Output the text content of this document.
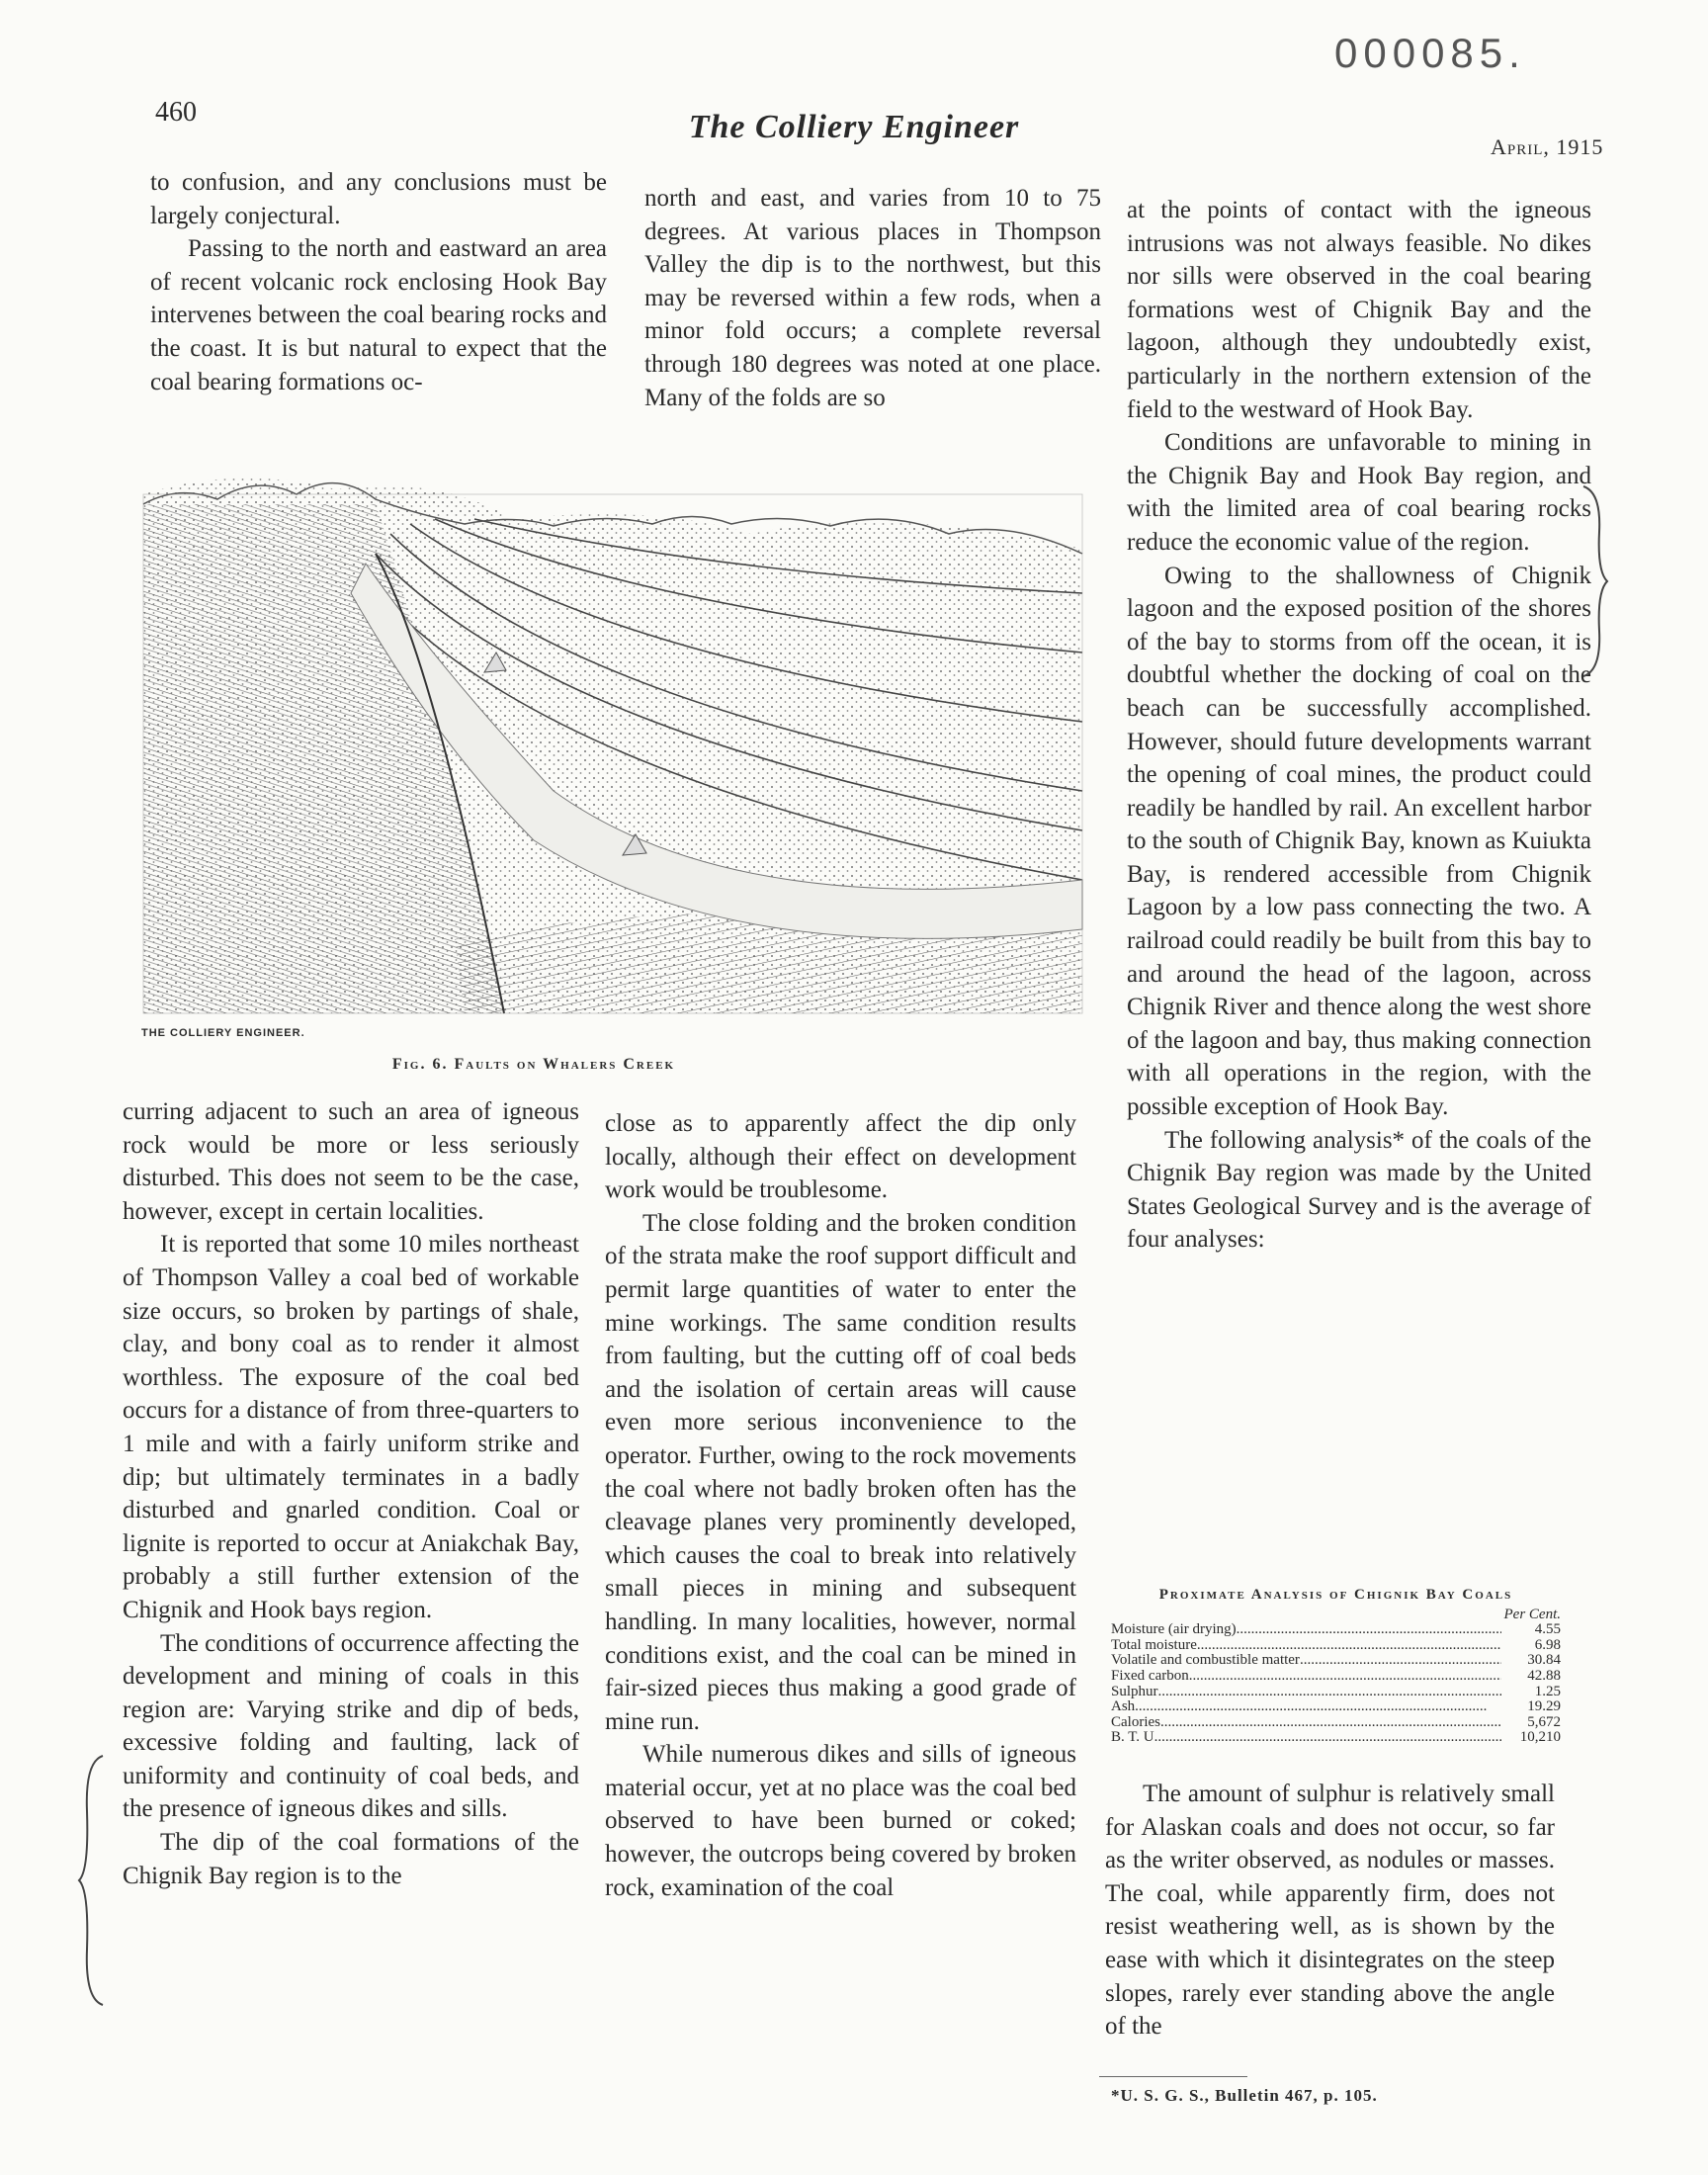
000085.
460	The Colliery Engineer
April, 1915

to confusion, and any conclusions must be largely conjectural.

Passing to the north and eastward an area of recent volcanic rock enclosing Hook Bay intervenes between the coal bearing rocks and the coast. It is but natural to expect that the coal bearing formations oc-

north and east, and varies from 10 to 75 degrees. At various places in Thompson Valley the dip is to the northwest, but this may be reversed within a few rods, when a minor fold occurs; a complete reversal through 180 degrees was noted at one place. Many of the folds are so

THE COLLIERY ENGINEER.
Fig. 6. Faults on Whalers Creek

curring adjacent to such an area of igneous rock would be more or less seriously disturbed. This does not seem to be the case, however, except in certain localities.

It is reported that some 10 miles northeast of Thompson Valley a coal bed of workable size occurs, so broken by partings of shale, clay, and bony coal as to render it almost worthless. The exposure of the coal bed occurs for a distance of from three-quarters to 1 mile and with a fairly uniform strike and dip; but ultimately terminates in a badly disturbed and gnarled condition. Coal or lignite is reported to occur at Aniakchak Bay, probably a still further extension of the Chignik and Hook bays region.

The conditions of occurrence affecting the development and mining of coals in this region are: Varying strike and dip of beds, excessive folding and faulting, lack of uniformity and continuity of coal beds, and the presence of igneous dikes and sills.

The dip of the coal formations of the Chignik Bay region is to the

close as to apparently affect the dip only locally, although their effect on development work would be troublesome.

The close folding and the broken condition of the strata make the roof support difficult and permit large quantities of water to enter the mine workings. The same condition results from faulting, but the cutting off of coal beds and the isolation of certain areas will cause even more serious inconvenience to the operator. Further, owing to the rock movements the coal where not badly broken often has the cleavage planes very prominently developed, which causes the coal to break into relatively small pieces in mining and subsequent handling. In many localities, however, normal conditions exist, and the coal can be mined in fair-sized pieces thus making a good grade of mine run.

While numerous dikes and sills of igneous material occur, yet at no place was the coal bed observed to have been burned or coked; however, the outcrops being covered by broken rock, examination of the coal

at the points of contact with the igneous intrusions was not always feasible. No dikes nor sills were observed in the coal bearing formations west of Chignik Bay and the lagoon, although they undoubtedly exist, particularly in the northern extension of the field to the westward of Hook Bay.

Conditions are unfavorable to mining in the Chignik Bay and Hook Bay region, and with the limited area of coal bearing rocks reduce the economic value of the region.

Owing to the shallowness of Chignik lagoon and the exposed position of the shores of the bay to storms from off the ocean, it is doubtful whether the docking of coal on the beach can be successfully accomplished. However, should future developments warrant the opening of coal mines, the product could readily be handled by rail. An excellent harbor to the south of Chignik Bay, known as Kuiukta Bay, is rendered accessible from Chignik Lagoon by a low pass connecting the two. A railroad could readily be built from this bay to and around the head of the lagoon, across Chignik River and thence along the west shore of the lagoon and bay, thus making connection with all operations in the region, with the possible exception of Hook Bay.

The following analysis* of the coals of the Chignik Bay region was made by the United States Geological Survey and is the average of four analyses:

Proximate Analysis of Chignik Bay Coals
Per Cent.
Moisture (air drying) .....	4.55
Total moisture .....	6.98
Volatile and combustible matter .....	30.84
Fixed carbon .....	42.88
Sulphur .....	1.25
Ash .....	19.29
Calories .....	5,672
B. T. U. .....	10,210

The amount of sulphur is relatively small for Alaskan coals and does not occur, so far as the writer observed, as nodules or masses. The coal, while apparently firm, does not resist weathering well, as is shown by the ease with which it disintegrates on the steep slopes, rarely ever standing above the angle of the

*U. S. G. S., Bulletin 467, p. 105.
